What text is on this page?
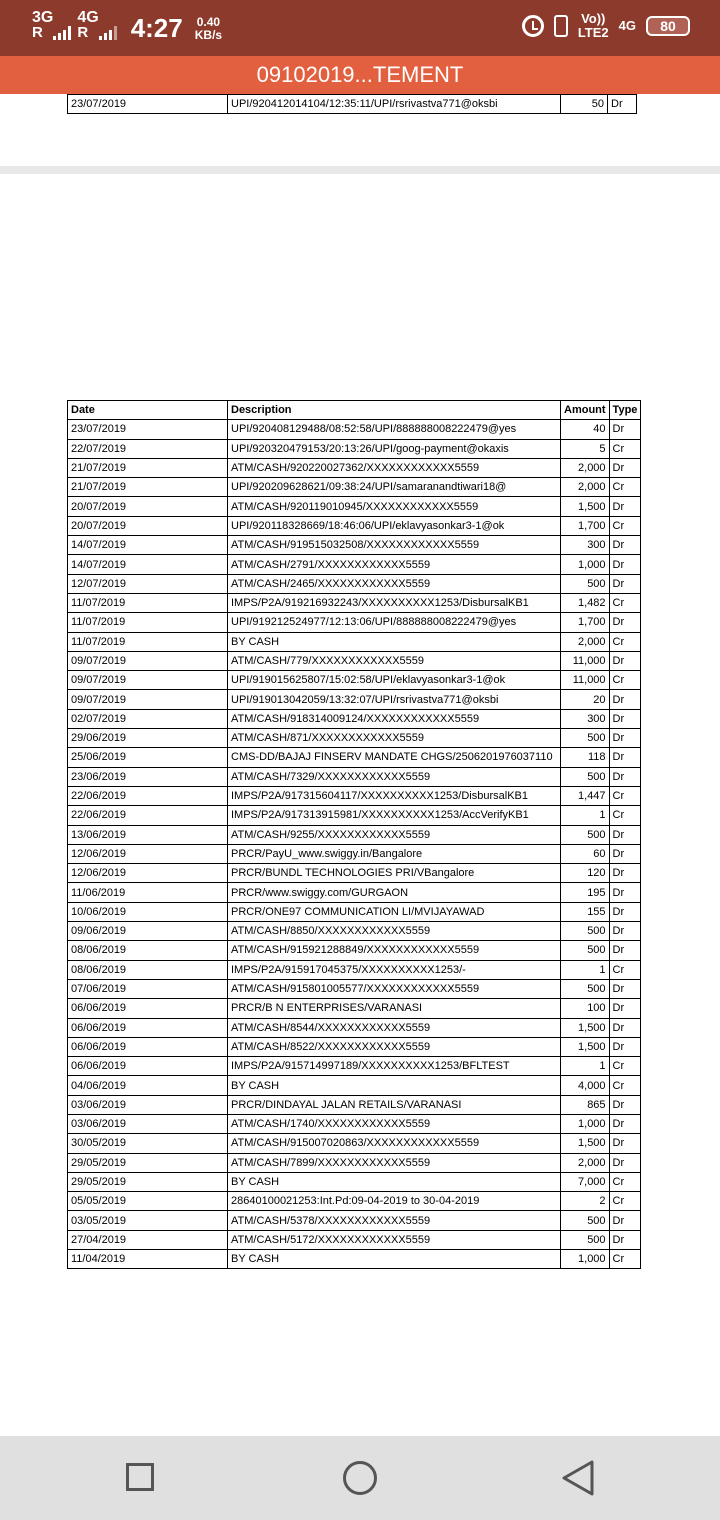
3G
R
4G
R 4:27 0.40
KB/s
Vo))
LTE2 4G 80
09102019...TEMENT
23/07/2019	UPI/920412014104/12:35:11/UPI/rsrivastva771@oksbi	50	Dr
Date	Description	Amount	Type
23/07/2019	UPI/920408129488/08:52:58/UPI/888888008222479@yes	40	Dr
22/07/2019	UPI/920320479153/20:13:26/UPI/goog-payment@okaxis	5	Cr
21/07/2019	ATM/CASH/920220027362/XXXXXXXXXXXX5559	2,000	Dr
21/07/2019	UPI/920209628621/09:38:24/UPI/samaranandtiwari18@	2,000	Cr
20/07/2019	ATM/CASH/920119010945/XXXXXXXXXXXX5559	1,500	Dr
20/07/2019	UPI/920118328669/18:46:06/UPI/eklavyasonkar3-1@ok	1,700	Cr
14/07/2019	ATM/CASH/919515032508/XXXXXXXXXXXX5559	300	Dr
14/07/2019	ATM/CASH/2791/XXXXXXXXXXXX5559	1,000	Dr
12/07/2019	ATM/CASH/2465/XXXXXXXXXXXX5559	500	Dr
11/07/2019	IMPS/P2A/919216932243/XXXXXXXXXX1253/DisbursalKB1	1,482	Cr
11/07/2019	UPI/919212524977/12:13:06/UPI/888888008222479@yes	1,700	Dr
11/07/2019	BY CASH	2,000	Cr
09/07/2019	ATM/CASH/779/XXXXXXXXXXXX5559	11,000	Dr
09/07/2019	UPI/919015625807/15:02:58/UPI/eklavyasonkar3-1@ok	11,000	Cr
09/07/2019	UPI/919013042059/13:32:07/UPI/rsrivastva771@oksbi	20	Dr
02/07/2019	ATM/CASH/918314009124/XXXXXXXXXXXX5559	300	Dr
29/06/2019	ATM/CASH/871/XXXXXXXXXXXX5559	500	Dr
25/06/2019	CMS-DD/BAJAJ FINSERV MANDATE CHGS/2506201976037110	118	Dr
23/06/2019	ATM/CASH/7329/XXXXXXXXXXXX5559	500	Dr
22/06/2019	IMPS/P2A/917315604117/XXXXXXXXXX1253/DisbursalKB1	1,447	Cr
22/06/2019	IMPS/P2A/917313915981/XXXXXXXXXX1253/AccVerifyKB1	1	Cr
13/06/2019	ATM/CASH/9255/XXXXXXXXXXXX5559	500	Dr
12/06/2019	PRCR/PayU_www.swiggy.in/Bangalore	60	Dr
12/06/2019	PRCR/BUNDL TECHNOLOGIES PRI/VBangalore	120	Dr
11/06/2019	PRCR/www.swiggy.com/GURGAON	195	Dr
10/06/2019	PRCR/ONE97 COMMUNICATION LI/MVIJAYAWAD	155	Dr
09/06/2019	ATM/CASH/8850/XXXXXXXXXXXX5559	500	Dr
08/06/2019	ATM/CASH/915921288849/XXXXXXXXXXXX5559	500	Dr
08/06/2019	IMPS/P2A/915917045375/XXXXXXXXXX1253/-	1	Cr
07/06/2019	ATM/CASH/915801005577/XXXXXXXXXXXX5559	500	Dr
06/06/2019	PRCR/B N ENTERPRISES/VARANASI	100	Dr
06/06/2019	ATM/CASH/8544/XXXXXXXXXXXX5559	1,500	Dr
06/06/2019	ATM/CASH/8522/XXXXXXXXXXXX5559	1,500	Dr
06/06/2019	IMPS/P2A/915714997189/XXXXXXXXXX1253/BFLTEST	1	Cr
04/06/2019	BY CASH	4,000	Cr
03/06/2019	PRCR/DINDAYAL JALAN RETAILS/VARANASI	865	Dr
03/06/2019	ATM/CASH/1740/XXXXXXXXXXXX5559	1,000	Dr
30/05/2019	ATM/CASH/915007020863/XXXXXXXXXXXX5559	1,500	Dr
29/05/2019	ATM/CASH/7899/XXXXXXXXXXXX5559	2,000	Dr
29/05/2019	BY CASH	7,000	Cr
05/05/2019	28640100021253:Int.Pd:09-04-2019 to 30-04-2019	2	Cr
03/05/2019	ATM/CASH/5378/XXXXXXXXXXXX5559	500	Dr
27/04/2019	ATM/CASH/5172/XXXXXXXXXXXX5559	500	Dr
11/04/2019	BY CASH	1,000	Cr
